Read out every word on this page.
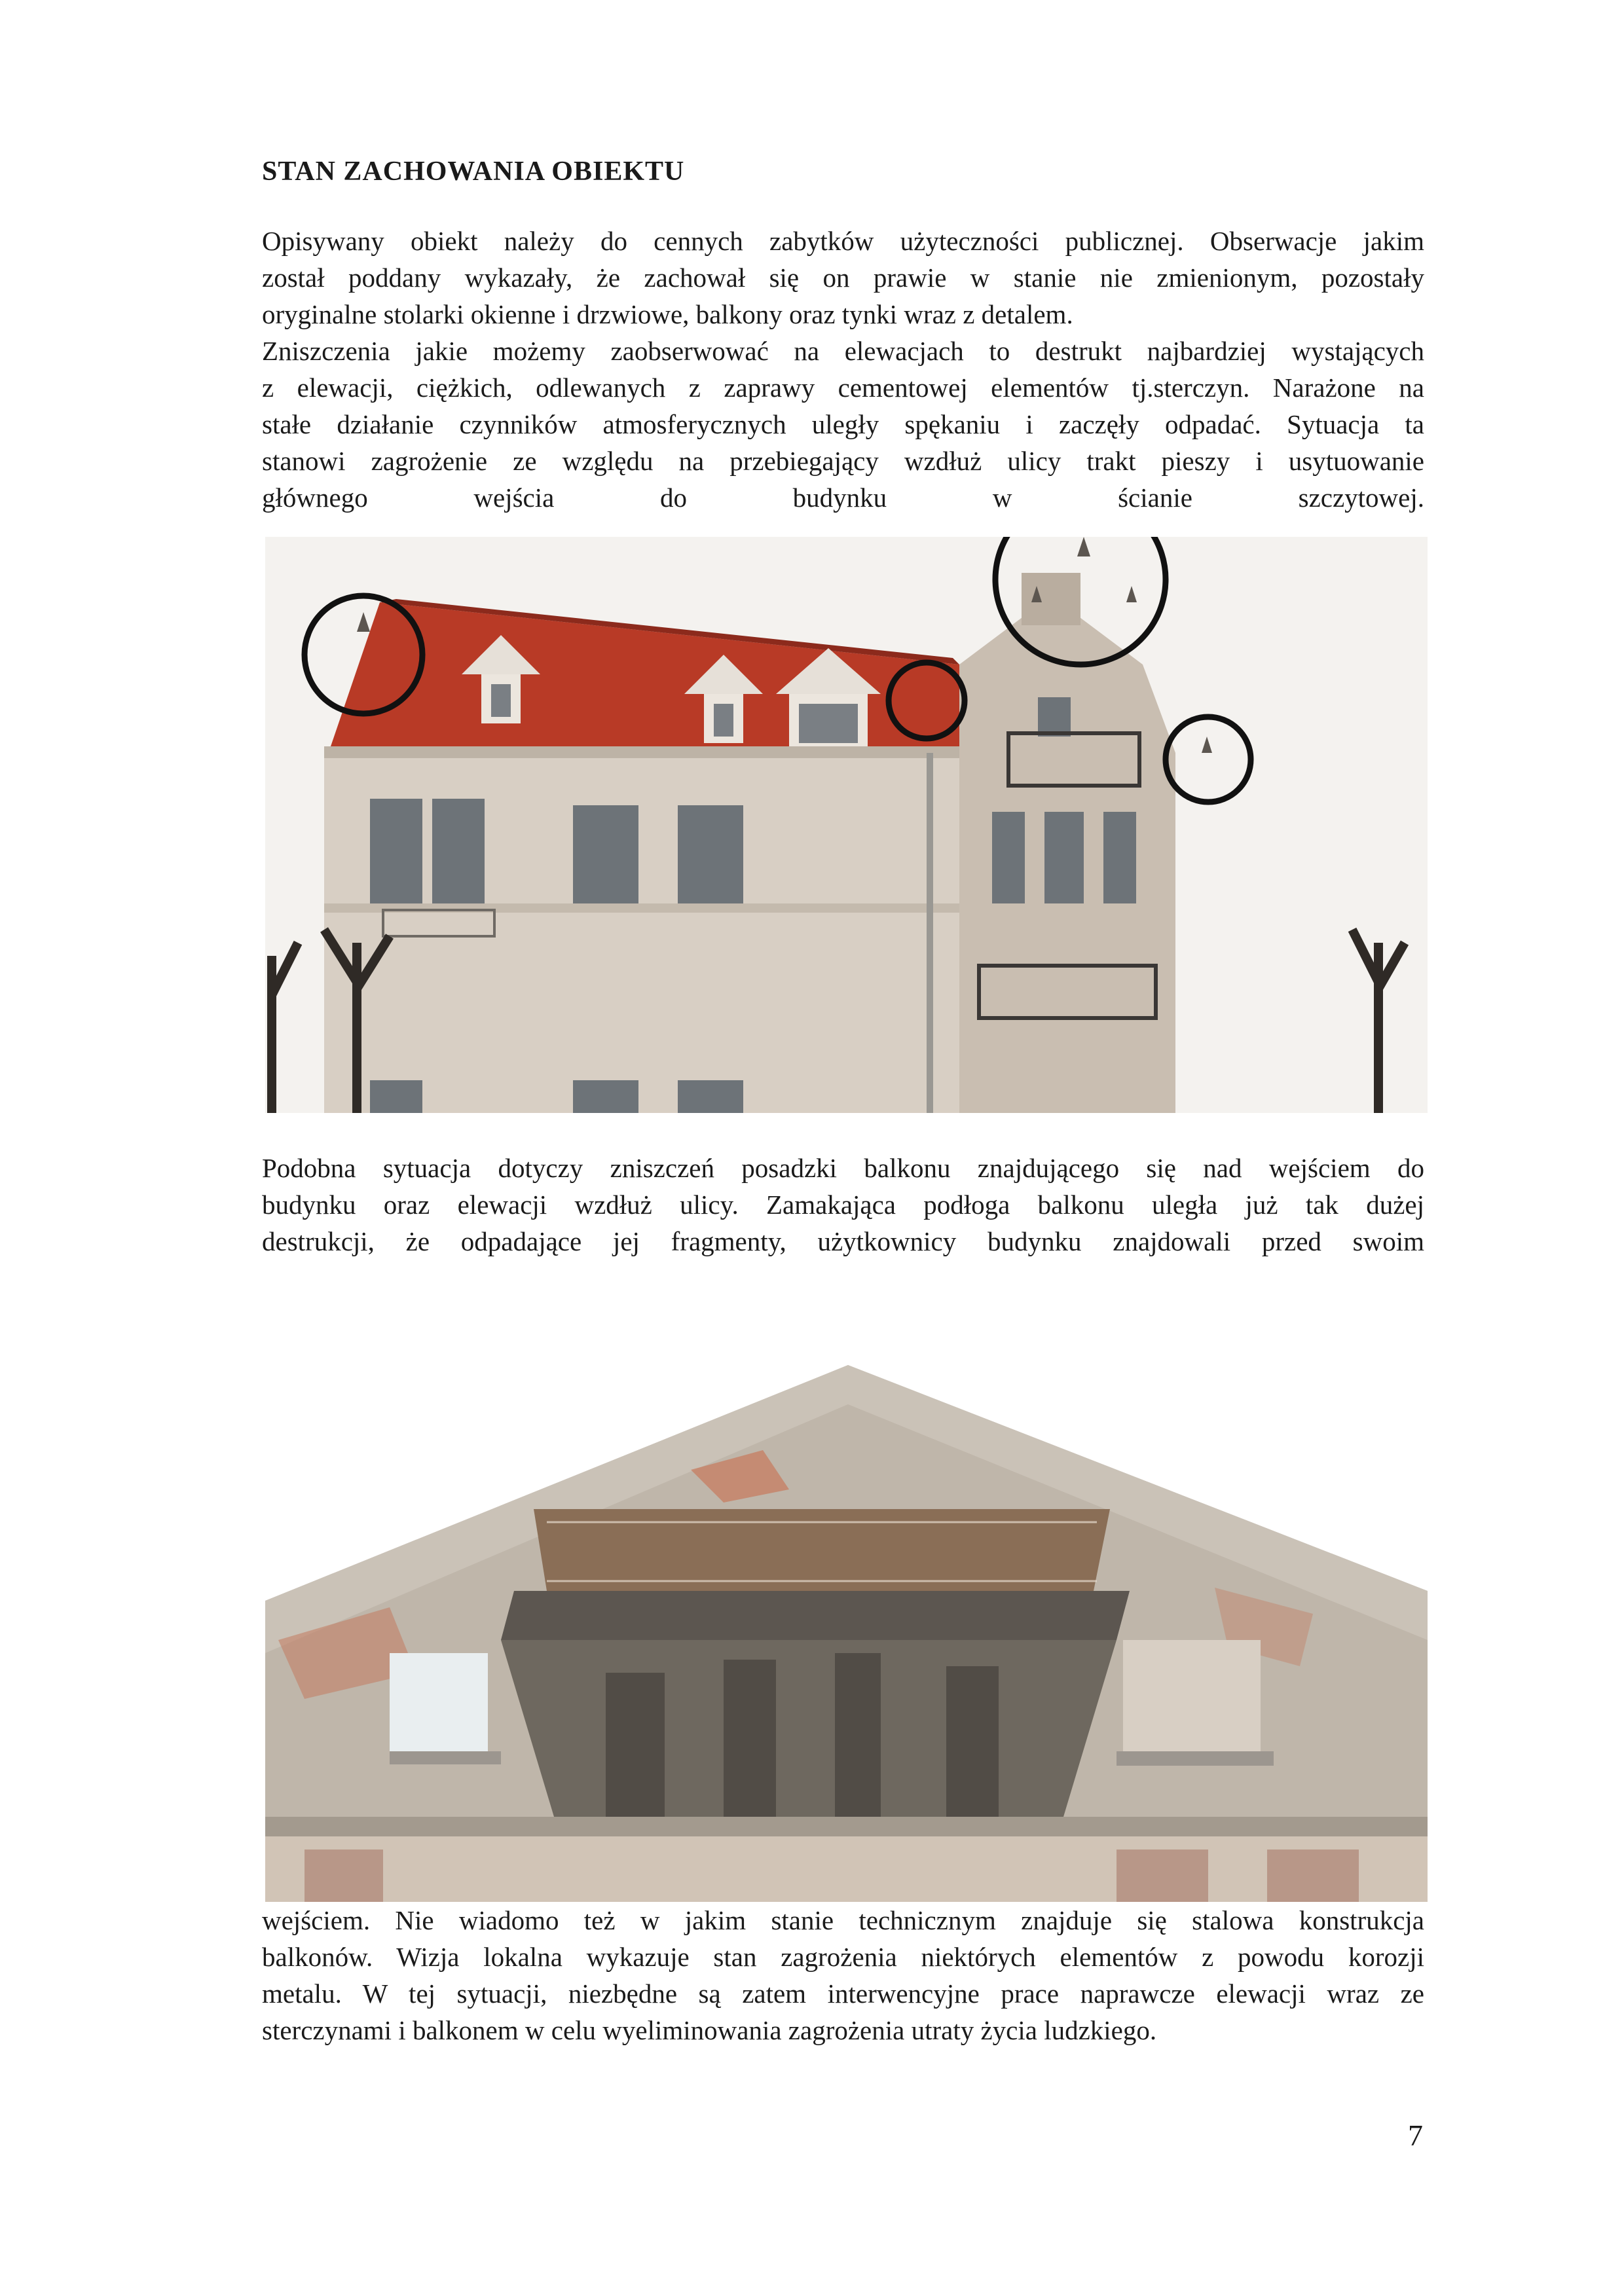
STAN ZACHOWANIA OBIEKTU

Opisywany obiekt należy do cennych zabytków użyteczności publicznej. Obserwacje jakim

został poddany wykazały, że zachował się on prawie w stanie nie zmienionym, pozostały

oryginalne stolarki okienne i drzwiowe, balkony oraz tynki wraz z detalem.

Zniszczenia jakie możemy zaobserwować na elewacjach to destrukt najbardziej wystających

z elewacji, ciężkich, odlewanych z zaprawy cementowej elementów tj.sterczyn. Narażone na

stałe działanie czynników atmosferycznych uległy spękaniu i zaczęły odpadać. Sytuacja ta

stanowi zagrożenie ze względu na przebiegający wzdłuż ulicy trakt pieszy i usytuowanie

głównego wejścia do budynku w ścianie szczytowej.

Podobna sytuacja dotyczy zniszczeń posadzki balkonu znajdującego się nad wejściem do

budynku oraz elewacji wzdłuż ulicy. Zamakająca podłoga balkonu uległa już tak dużej

destrukcji, że odpadające jej fragmenty, użytkownicy budynku znajdowali przed swoim

wejściem. Nie wiadomo też w jakim stanie technicznym znajduje się stalowa konstrukcja

balkonów. Wizja lokalna wykazuje stan zagrożenia niektórych elementów z powodu korozji

metalu. W tej sytuacji, niezbędne są zatem interwencyjne prace naprawcze elewacji wraz ze

sterczynami i balkonem w celu wyeliminowania zagrożenia utraty życia ludzkiego.

7
